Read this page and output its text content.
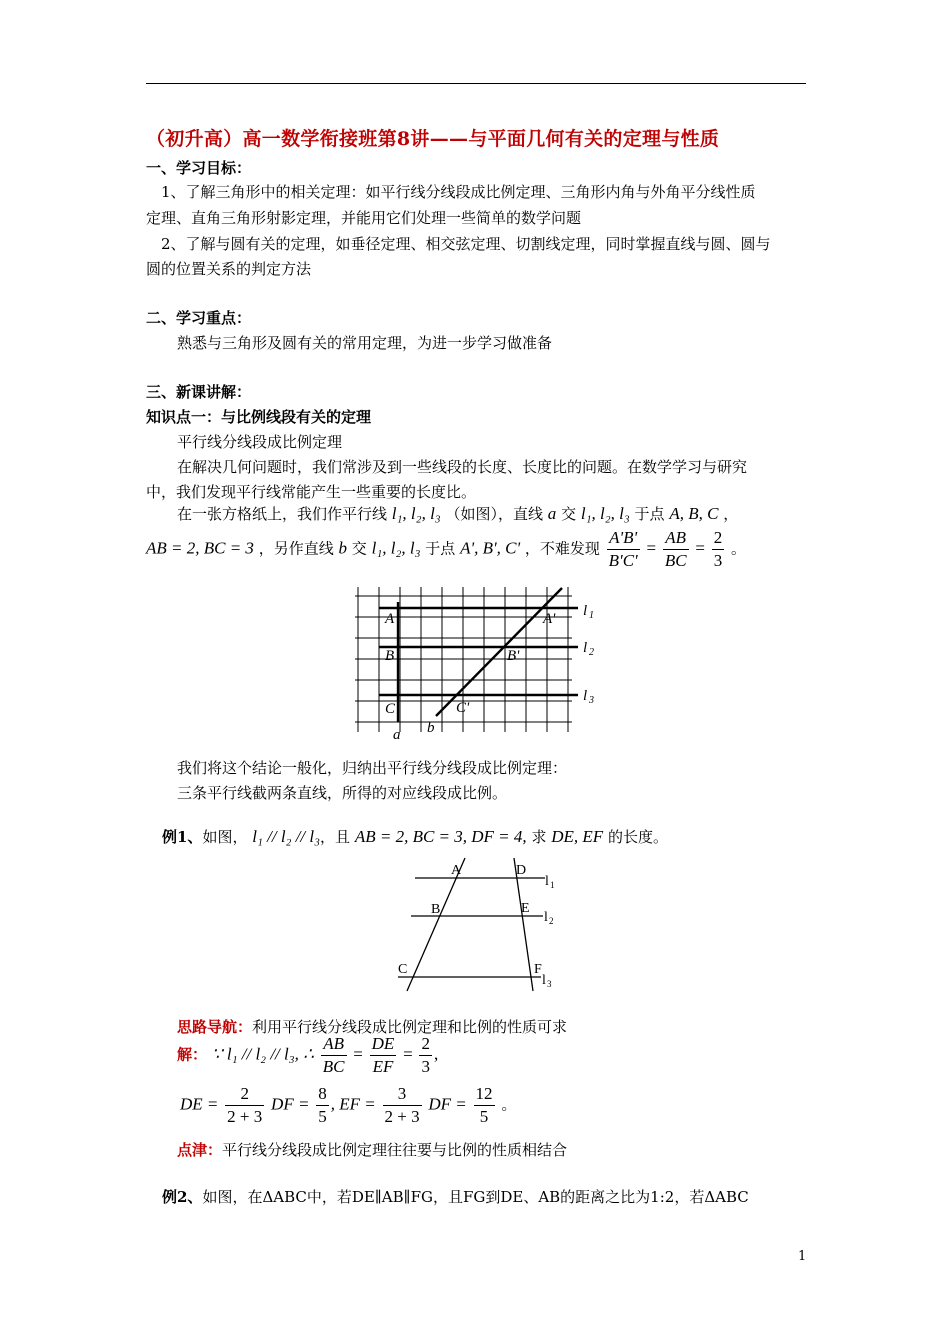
（初升高）高一数学衔接班第8讲——与平面几何有关的定理与性质
一、学习目标：
1、了解三角形中的相关定理：如平行线分线段成比例定理、三角形内角与外角平分线性质
定理、直角三角形射影定理，并能用它们处理一些简单的数学问题
2、了解与圆有关的定理，如垂径定理、相交弦定理、切割线定理，同时掌握直线与圆、圆与
圆的位置关系的判定方法
二、学习重点：
熟悉与三角形及圆有关的常用定理，为进一步学习做准备
三、新课讲解：
知识点一：与比例线段有关的定理
平行线分线段成比例定理
在解决几何问题时，我们常涉及到一些线段的长度、长度比的问题。在数学学习与研究
中，我们发现平行线常能产生一些重要的长度比。
在一张方格纸上，我们作平行线 l₁, l₂, l₃ （如图），直线 a 交 l₁, l₂, l₃ 于点 A, B, C ，
AB = 2, BC = 3 ，另作直线 b 交 l₁, l₂, l₃ 于点 A', B', C' ，不难发现 $\frac{A'B'}{B'C'} = \frac{AB}{BC} = \frac{2}{3}$ 。
A
B
C
A'
B'
C'
a b
l 1
l 2
l 3
我们将这个结论一般化，归纳出平行线分线段成比例定理：
三条平行线截两条直线，所得的对应线段成比例。
例1、如图， l₁ // l₂ // l₃，且 AB = 2, BC = 3, DF = 4, 求 DE, EF 的长度。
A
B
C
D
E
F
l 1
l 2
l 3
思路导航：利用平行线分线段成比例定理和比例的性质可求
解： ∵ l₁ // l₂ // l₃, ∴ $\frac{AB}{BC} = \frac{DE}{EF} = \frac{2}{3}$ ,
DE = $\frac{2}{2 + 3}$ DF = $\frac{8}{5}$ , EF = $\frac{3}{2 + 3}$ DF = $\frac{12}{5}$ 。
点津：平行线分线段成比例定理往往要与比例的性质相结合
例2、如图，在ΔABC中，若DE∥AB∥FG，且FG到DE、AB的距离之比为1:2，若ΔABC
1
